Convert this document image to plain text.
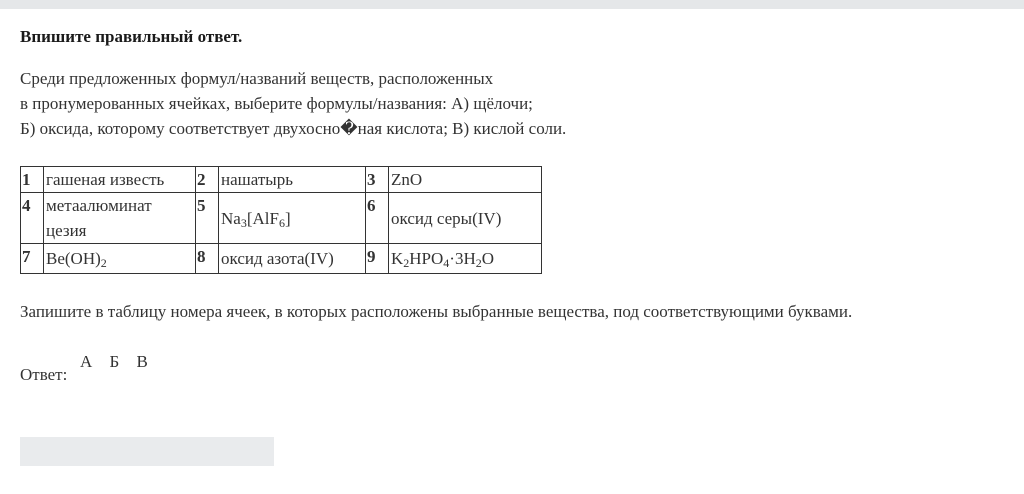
Впишите правильный ответ.
Среди предложенных формул/названий веществ, расположенных
в пронумерованных ячейках, выберите формулы/названия: А) щёлочи;
Б) оксида, которому соответствует двухосно�ная кислота; В) кислой соли.
1	гашеная известь	2	нашатырь	3	ZnO
4	метаалюминат
цезия	5	$Na_3[AlF_6]$	6	оксид серы(IV)
7	$Be(OH)_2$	8	оксид азота(IV)	9	$K_2HPO_4\cdot 3H_2O$
Запишите в таблицу номера ячеек, в которых расположены выбранные вещества, под соответствующими буквами.
Ответ:
А Б В
